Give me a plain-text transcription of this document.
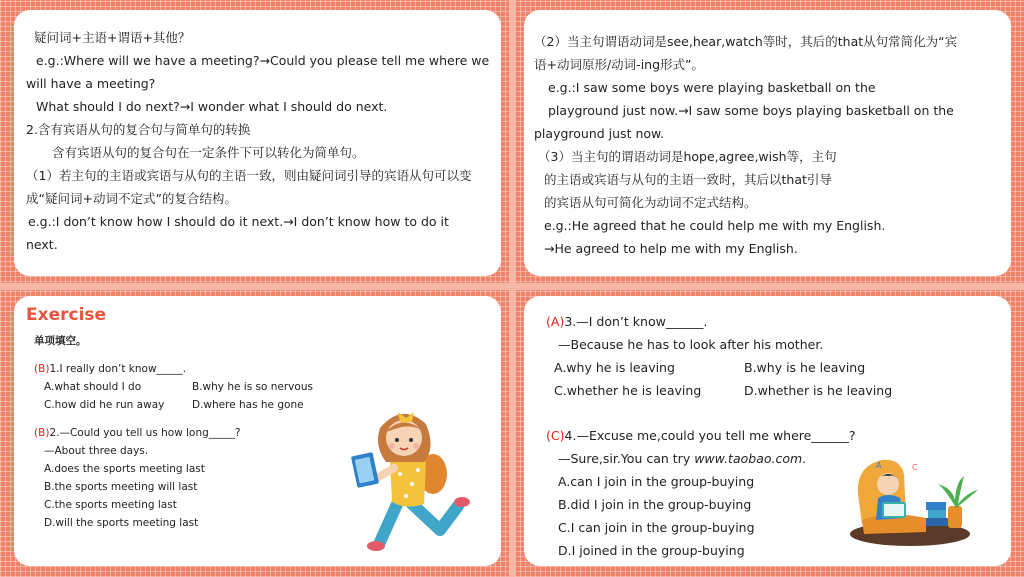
疑问词+主语+谓语+其他？
e.g.:Where will we have a meeting?→Could you please tell me where we
will have a meeting?
What should I do next?→I wonder what I should do next.
2.含有宾语从句的复合句与简单句的转换
含有宾语从句的复合句在一定条件下可以转化为简单句。
（1）若主句的主语或宾语与从句的主语一致，则由疑问词引导的宾语从句可以变
成“疑问词+动词不定式”的复合结构。
e.g.:I don’t know how I should do it next.→I don’t know how to do it
next.
（2）当主句谓语动词是see,hear,watch等时，其后的that从句常简化为“宾
语+动词原形/动词-ing形式”。
e.g.:I saw some boys were playing basketball on the
playground just now.→I saw some boys playing basketball on the
playground just now.
（3）当主句的谓语动词是hope,agree,wish等，主句
的主语或宾语与从句的主语一致时，其后以that引导
的宾语从句可简化为动词不定式结构。
e.g.:He agreed that he could help me with my English.
→He agreed to help me with my English.
Exercise
单项填空。
(B)1.I really don’t know_____.
A.what should I do	B.why he is so nervous
C.how did he run away	D.where has he gone
(B)2.—Could you tell us how long_____?
—About three days.
A.does the sports meeting last
B.the sports meeting will last
C.the sports meeting last
D.will the sports meeting last
(A)3.—I don’t know______.
—Because he has to look after his mother.
A.why he is leaving	B.why is he leaving
C.whether he is leaving	D.whether is he leaving
(C)4.—Excuse me,could you tell me where______?
—Sure,sir.You can try www.taobao.com.
A.can I join in the group-buying
B.did I join in the group-buying
C.I can join in the group-buying
D.I joined in the group-buying
A	C
